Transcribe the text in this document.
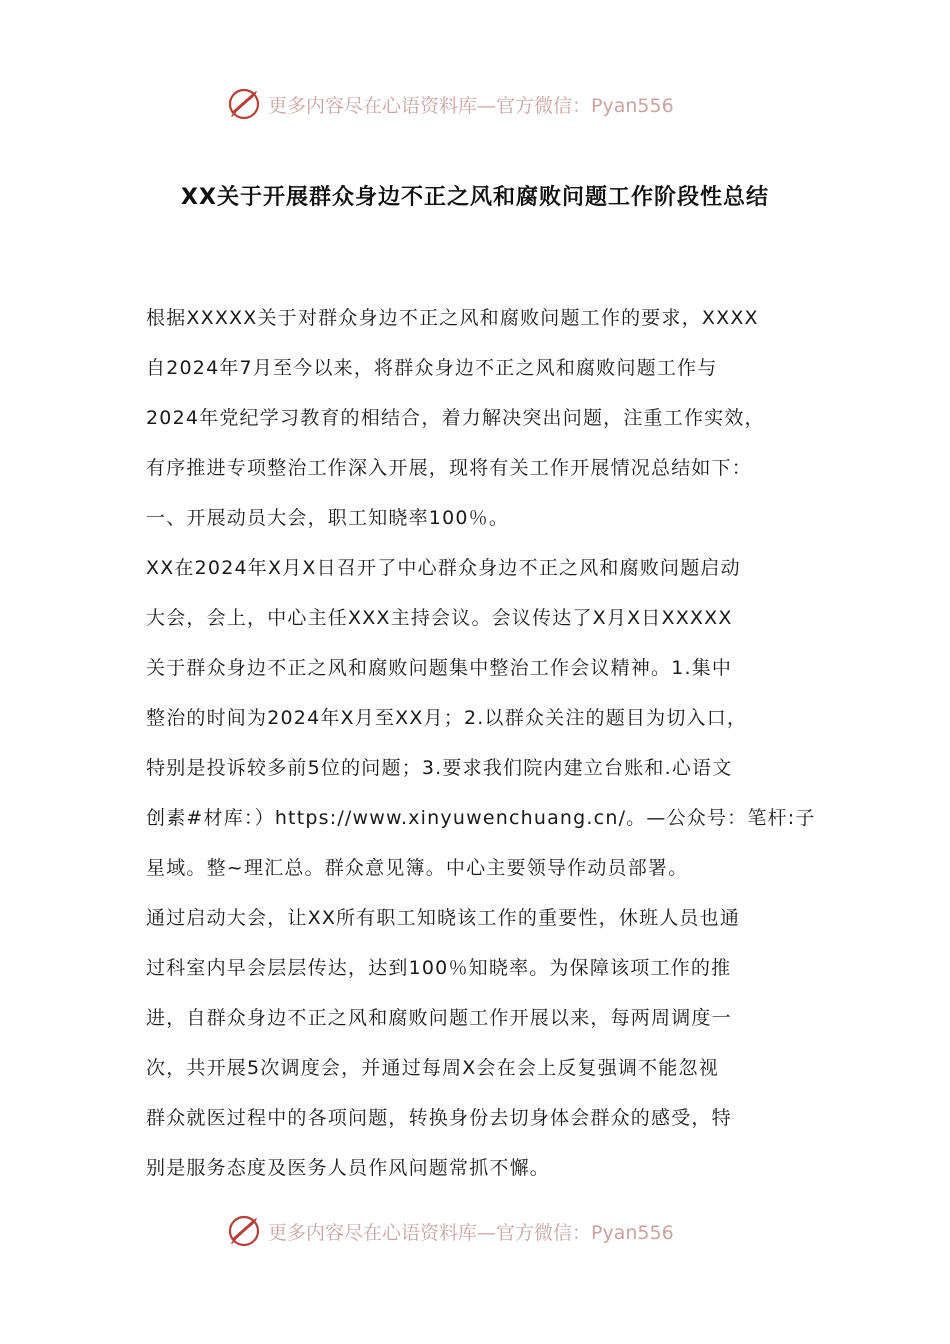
更多内容尽在心语资料库—官方微信：Pyan556
XX关于开展群众身边不正之风和腐败问题工作阶段性总结
根据XXXXX关于对群众身边不正之风和腐败问题工作的要求，XXXX
自2024年7月至今以来，将群众身边不正之风和腐败问题工作与
2024年党纪学习教育的相结合，着力解决突出问题，注重工作实效，
有序推进专项整治工作深入开展，现将有关工作开展情况总结如下：
一、开展动员大会，职工知晓率100％。
XX在2024年X月X日召开了中心群众身边不正之风和腐败问题启动
大会，会上，中心主任XXX主持会议。会议传达了X月X日XXXXX
关于群众身边不正之风和腐败问题集中整治工作会议精神。1.集中
整治的时间为2024年X月至XX月；2.以群众关注的题目为切入口，
特别是投诉较多前5位的问题；3.要求我们院内建立台账和.心语文
创素#材库：）https://www.xinyuwenchuang.cn/。—公众号：笔杆:子
星域。整~理汇总。群众意见簿。中心主要领导作动员部署。
通过启动大会，让XX所有职工知晓该工作的重要性，休班人员也通
过科室内早会层层传达，达到100％知晓率。为保障该项工作的推
进，自群众身边不正之风和腐败问题工作开展以来，每两周调度一
次，共开展5次调度会，并通过每周X会在会上反复强调不能忽视
群众就医过程中的各项问题，转换身份去切身体会群众的感受，特
别是服务态度及医务人员作风问题常抓不懈。
更多内容尽在心语资料库—官方微信：Pyan556
